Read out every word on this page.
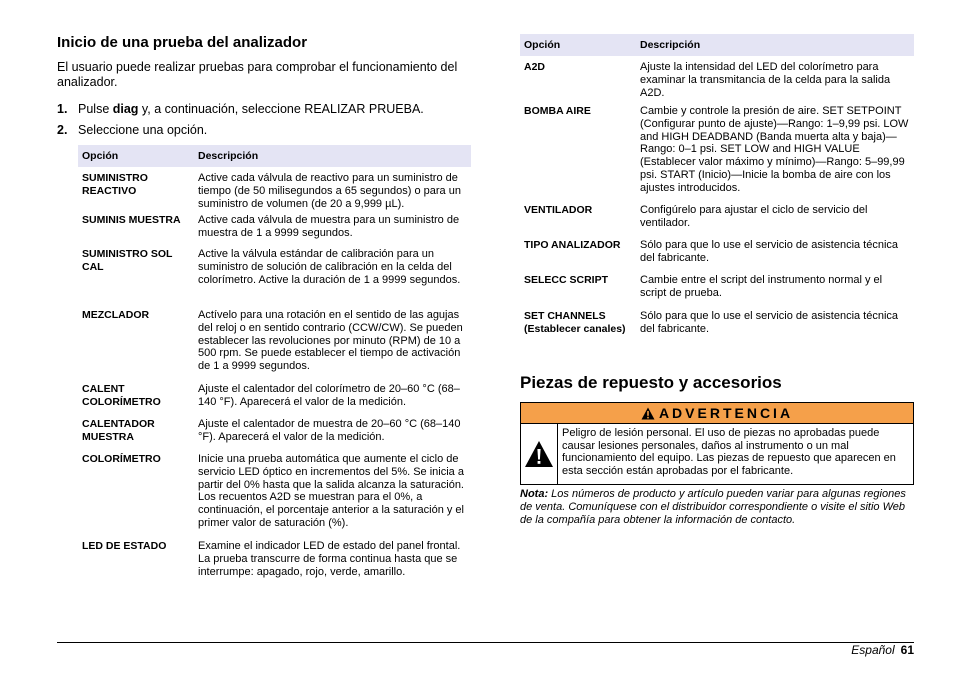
Inicio de una prueba del analizador

El usuario puede realizar pruebas para comprobar el funcionamiento del analizador.

1. Pulse diag y, a continuación, seleccione REALIZAR PRUEBA.
2. Seleccione una opción.
Opción	Descripción
SUMINISTRO REACTIVO	Active cada válvula de reactivo para un suministro de tiempo (de 50 milisegundos a 65 segundos) o para un suministro de volumen (de 20 a 9,999 µL).
SUMINIS MUESTRA	Active cada válvula de muestra para un suministro de muestra de 1 a 9999 segundos.
SUMINISTRO SOL CAL	Active la válvula estándar de calibración para un suministro de solución de calibración en la celda del colorímetro. Active la duración de 1 a 9999 segundos.
MEZCLADOR	Actívelo para una rotación en el sentido de las agujas del reloj o en sentido contrario (CCW/CW). Se pueden establecer las revoluciones por minuto (RPM) de 10 a 500 rpm. Se puede establecer el tiempo de activación de 1 a 9999 segundos.
CALENT COLORÍMETRO	Ajuste el calentador del colorímetro de 20–60 °C (68–140 °F). Aparecerá el valor de la medición.
CALENTADOR MUESTRA	Ajuste el calentador de muestra de 20–60 °C (68–140 °F). Aparecerá el valor de la medición.
COLORÍMETRO	Inicie una prueba automática que aumente el ciclo de servicio LED óptico en incrementos del 5%. Se inicia a partir del 0% hasta que la salida alcanza la saturación. Los recuentos A2D se muestran para el 0%, a continuación, el porcentaje anterior a la saturación y el primer valor de saturación (%).
LED DE ESTADO	Examine el indicador LED de estado del panel frontal. La prueba transcurre de forma continua hasta que se interrumpe: apagado, rojo, verde, amarillo.
Opción	Descripción
A2D	Ajuste la intensidad del LED del colorímetro para examinar la transmitancia de la celda para la salida A2D.
BOMBA AIRE	Cambie y controle la presión de aire. SET SETPOINT (Configurar punto de ajuste)—Rango: 1–9,99 psi. LOW and HIGH DEADBAND (Banda muerta alta y baja)—Rango: 0–1 psi. SET LOW and HIGH VALUE (Establecer valor máximo y mínimo)—Rango: 5–99,99 psi. START (Inicio)—Inicie la bomba de aire con los ajustes introducidos.
VENTILADOR	Configúrelo para ajustar el ciclo de servicio del ventilador.
TIPO ANALIZADOR	Sólo para que lo use el servicio de asistencia técnica del fabricante.
SELECC SCRIPT	Cambie entre el script del instrumento normal y el script de prueba.
SET CHANNELS (Establecer canales)	Sólo para que lo use el servicio de asistencia técnica del fabricante.
Piezas de repuesto y accesorios
ADVERTENCIA
Peligro de lesión personal. El uso de piezas no aprobadas puede causar lesiones personales, daños al instrumento o un mal funcionamiento del equipo. Las piezas de repuesto que aparecen en esta sección están aprobadas por el fabricante.

Nota: Los números de producto y artículo pueden variar para algunas regiones de venta. Comuníquese con el distribuidor correspondiente o visite el sitio Web de la compañía para obtener la información de contacto.

Español 61
